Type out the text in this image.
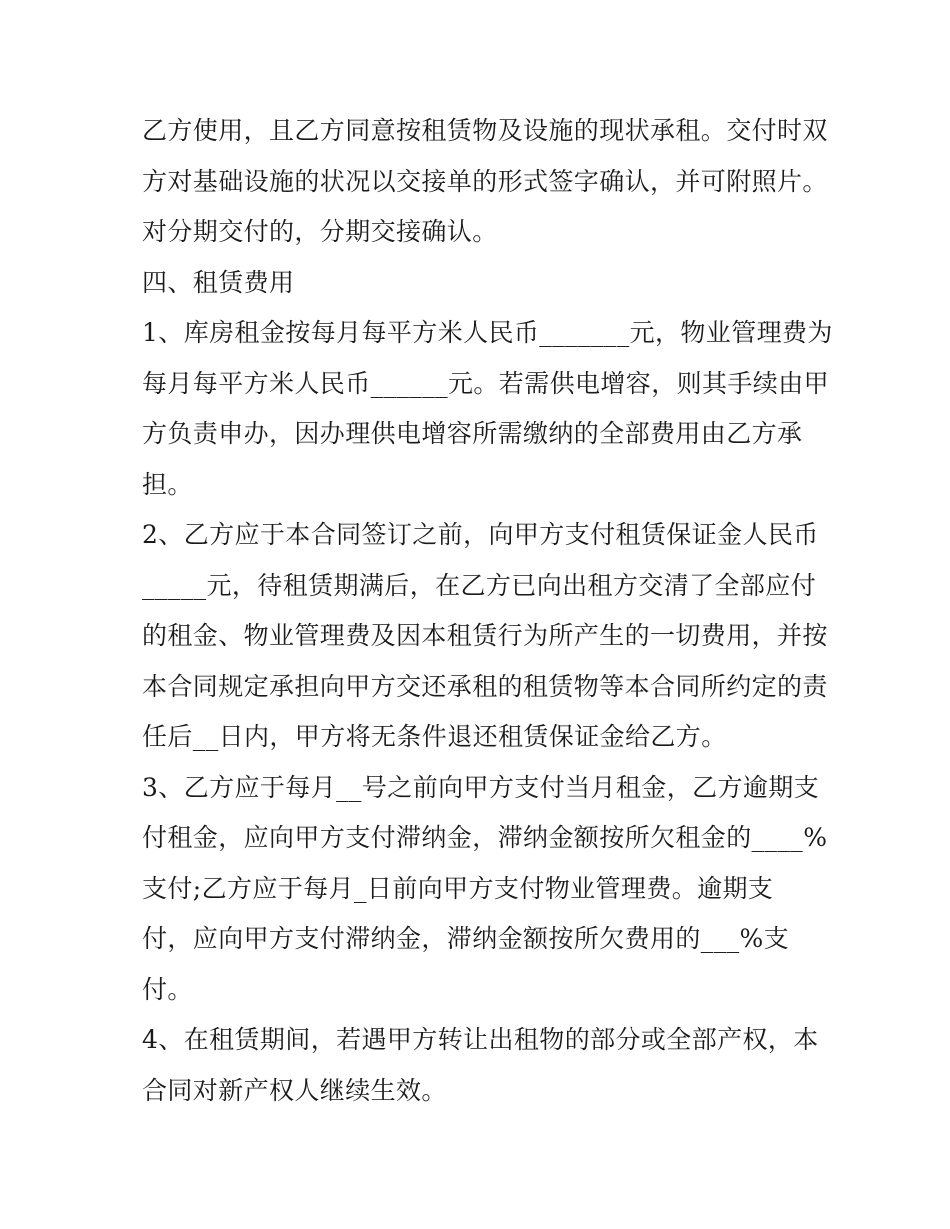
乙方使用，且乙方同意按租赁物及设施的现状承租。交付时双
方对基础设施的状况以交接单的形式签字确认，并可附照片。
对分期交付的，分期交接确认。
四、租赁费用
1、库房租金按每月每平方米人民币_______元，物业管理费为
每月每平方米人民币______元。若需供电增容，则其手续由甲
方负责申办，因办理供电增容所需缴纳的全部费用由乙方承
担。
2、乙方应于本合同签订之前，向甲方支付租赁保证金人民币
_____元，待租赁期满后，在乙方已向出租方交清了全部应付
的租金、物业管理费及因本租赁行为所产生的一切费用，并按
本合同规定承担向甲方交还承租的租赁物等本合同所约定的责
任后__日内，甲方将无条件退还租赁保证金给乙方。
3、乙方应于每月__号之前向甲方支付当月租金，乙方逾期支
付租金，应向甲方支付滞纳金，滞纳金额按所欠租金的____%
支付;乙方应于每月_日前向甲方支付物业管理费。逾期支
付，应向甲方支付滞纳金，滞纳金额按所欠费用的___%支
付。
4、在租赁期间，若遇甲方转让出租物的部分或全部产权，本
合同对新产权人继续生效。
